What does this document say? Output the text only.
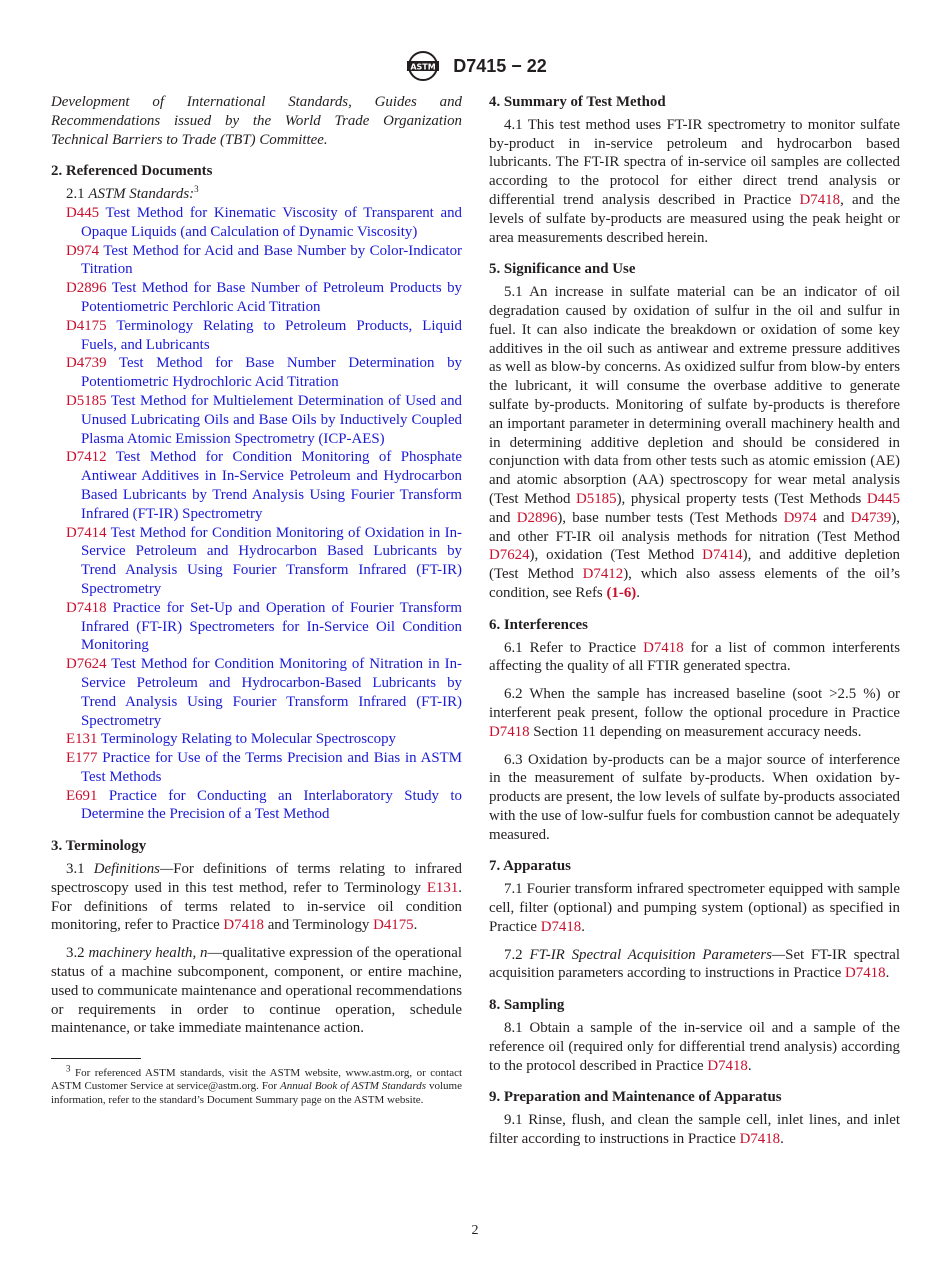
ASTM D7415 − 22

Development of International Standards, Guides and Recommendations issued by the World Trade Organization Technical Barriers to Trade (TBT) Committee.

2. Referenced Documents

2.1 ASTM Standards:$^3$

D445 Test Method for Kinematic Viscosity of Transparent and Opaque Liquids (and Calculation of Dynamic Viscosity)

D974 Test Method for Acid and Base Number by Color-Indicator Titration

D2896 Test Method for Base Number of Petroleum Products by Potentiometric Perchloric Acid Titration

D4175 Terminology Relating to Petroleum Products, Liquid Fuels, and Lubricants

D4739 Test Method for Base Number Determination by Potentiometric Hydrochloric Acid Titration

D5185 Test Method for Multielement Determination of Used and Unused Lubricating Oils and Base Oils by Inductively Coupled Plasma Atomic Emission Spectrometry (ICP-AES)

D7412 Test Method for Condition Monitoring of Phosphate Antiwear Additives in In-Service Petroleum and Hydrocarbon Based Lubricants by Trend Analysis Using Fourier Transform Infrared (FT-IR) Spectrometry

D7414 Test Method for Condition Monitoring of Oxidation in In-Service Petroleum and Hydrocarbon Based Lubricants by Trend Analysis Using Fourier Transform Infrared (FT-IR) Spectrometry

D7418 Practice for Set-Up and Operation of Fourier Transform Infrared (FT-IR) Spectrometers for In-Service Oil Condition Monitoring

D7624 Test Method for Condition Monitoring of Nitration in In-Service Petroleum and Hydrocarbon-Based Lubricants by Trend Analysis Using Fourier Transform Infrared (FT-IR) Spectrometry

E131 Terminology Relating to Molecular Spectroscopy

E177 Practice for Use of the Terms Precision and Bias in ASTM Test Methods

E691 Practice for Conducting an Interlaboratory Study to Determine the Precision of a Test Method

3. Terminology

3.1 Definitions—For definitions of terms relating to infrared spectroscopy used in this test method, refer to Terminology E131. For definitions of terms related to in-service oil condition monitoring, refer to Practice D7418 and Terminology D4175.

3.2 machinery health, n—qualitative expression of the operational status of a machine subcomponent, component, or entire machine, used to communicate maintenance and operational recommendations or requirements in order to continue operation, schedule maintenance, or take immediate maintenance action.

$^3$ For referenced ASTM standards, visit the ASTM website, www.astm.org, or contact ASTM Customer Service at service@astm.org. For Annual Book of ASTM Standards volume information, refer to the standard’s Document Summary page on the ASTM website.

4. Summary of Test Method

4.1 This test method uses FT-IR spectrometry to monitor sulfate by-product in in-service petroleum and hydrocarbon based lubricants. The FT-IR spectra of in-service oil samples are collected according to the protocol for either direct trend analysis or differential trend analysis described in Practice D7418, and the levels of sulfate by-products are measured using the peak height or area measurements described herein.

5. Significance and Use

5.1 An increase in sulfate material can be an indicator of oil degradation caused by oxidation of sulfur in the oil and sulfur in fuel. It can also indicate the breakdown or oxidation of some key additives in the oil such as antiwear and extreme pressure additives as well as blow-by concerns. As oxidized sulfur from blow-by enters the lubricant, it will consume the overbase additive to generate sulfate by-products. Monitoring of sulfate by-products is therefore an important parameter in determining overall machinery health and in determining additive depletion and should be considered in conjunction with data from other tests such as atomic emission (AE) and atomic absorption (AA) spectroscopy for wear metal analysis (Test Method D5185), physical property tests (Test Methods D445 and D2896), base number tests (Test Methods D974 and D4739), and other FT-IR oil analysis methods for nitration (Test Method D7624), oxidation (Test Method D7414), and additive depletion (Test Method D7412), which also assess elements of the oil’s condition, see Refs (1-6).

6. Interferences

6.1 Refer to Practice D7418 for a list of common interferents affecting the quality of all FTIR generated spectra.

6.2 When the sample has increased baseline (soot >2.5 %) or interferent peak present, follow the optional procedure in Practice D7418 Section 11 depending on measurement accuracy needs.

6.3 Oxidation by-products can be a major source of interference in the measurement of sulfate by-products. When oxidation by-products are present, the low levels of sulfate by-products associated with the use of low-sulfur fuels for combustion cannot be adequately measured.

7. Apparatus

7.1 Fourier transform infrared spectrometer equipped with sample cell, filter (optional) and pumping system (optional) as specified in Practice D7418.

7.2 FT-IR Spectral Acquisition Parameters—Set FT-IR spectral acquisition parameters according to instructions in Practice D7418.

8. Sampling

8.1 Obtain a sample of the in-service oil and a sample of the reference oil (required only for differential trend analysis) according to the protocol described in Practice D7418.

9. Preparation and Maintenance of Apparatus

9.1 Rinse, flush, and clean the sample cell, inlet lines, and inlet filter according to instructions in Practice D7418.

2
